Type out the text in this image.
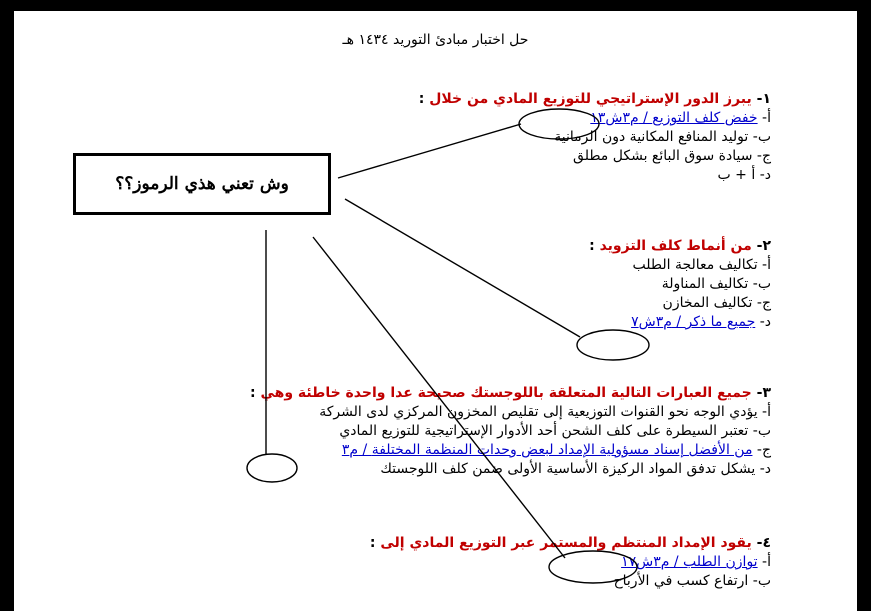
حل اختبار مبادئ التوريد ١٤٣٤ هـ
١- يبرز الدور الإستراتيجي للتوزيع المادي من خلال :
أ- خفض كلف التوزيع / م٣ش١٣
ب- توليد المنافع المكانية دون الزمانية
ج- سيادة سوق البائع بشكل مطلق
د- أ + ب
٢- من أنماط كلف التزويد :
أ- تكاليف معالجة الطلب
ب- تكاليف المناولة
ج- تكاليف المخازن
د- جميع ما ذكر / م٣ش٧
٣- جميع العبارات التالية المتعلقة باللوجستك صحيحة عدا واحدة خاطئة وهي :
أ- يؤدي الوجه نحو القنوات التوزيعية إلى تقليص المخزون المركزي لدى الشركة
ب- تعتبر السيطرة على كلف الشحن أحد الأدوار الإستراتيجية للتوزيع المادي
ج- من الأفضل إسناد مسؤولية الإمداد لبعض وحدات المنظمة المختلفة / م٣
د- يشكل تدفق المواد الركيزة الأساسية الأولى ضمن كلف اللوجستك
٤- يقود الإمداد المنتظم والمستمر عبر التوزيع المادي إلى :
أ- توازن الطلب / م٣ش١٧
ب- ارتفاع كسب في الأرباح
وش تعني هذي الرموز؟؟
